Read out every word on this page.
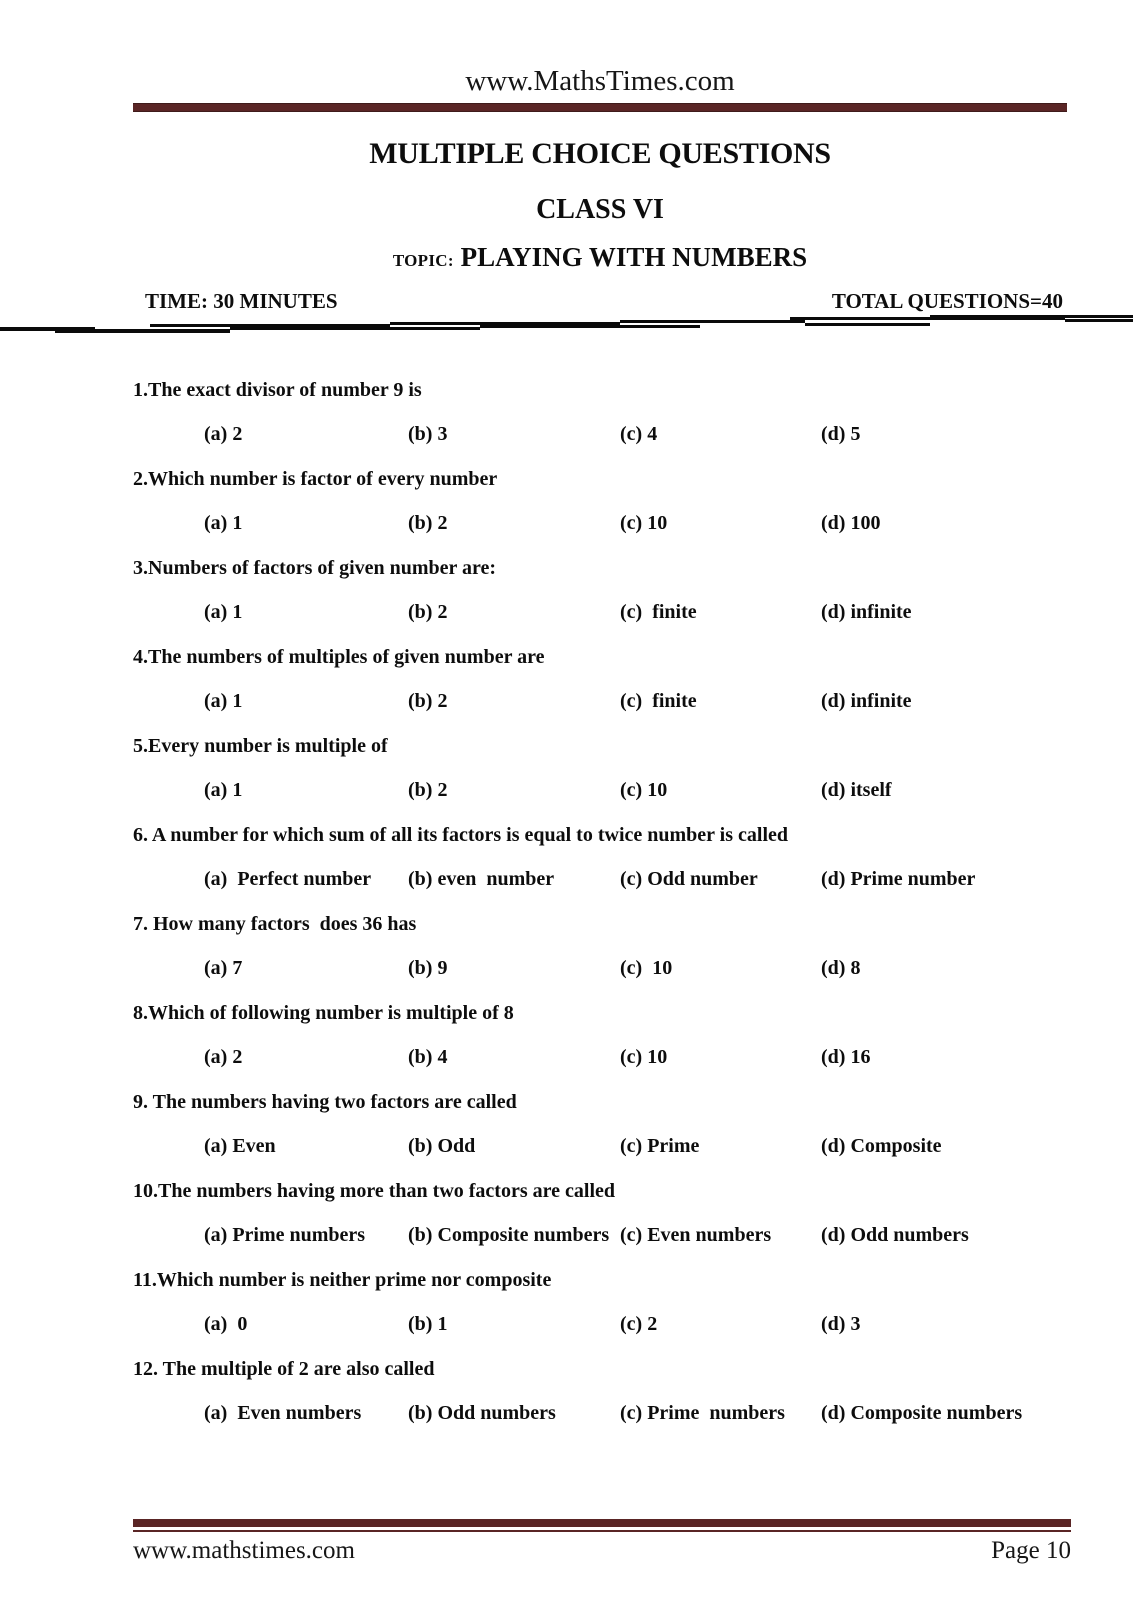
www.MathsTimes.com
MULTIPLE CHOICE QUESTIONS
CLASS VI
TOPIC: PLAYING WITH NUMBERS
TIME: 30 MINUTES	TOTAL QUESTIONS=40
1.The exact divisor of number 9 is
(a) 2	(b) 3	(c) 4	(d) 5
2.Which number is factor of every number
(a) 1	(b) 2	(c) 10	(d) 100
3.Numbers of factors of given number are:
(a) 1	(b) 2	(c)  finite	(d) infinite
4.The numbers of multiples of given number are
(a) 1	(b) 2	(c)  finite	(d) infinite
5.Every number is multiple of
(a) 1	(b) 2	(c) 10	(d) itself
6. A number for which sum of all its factors is equal to twice number is called
(a)  Perfect number	(b) even  number	(c) Odd number	(d) Prime number
7. How many factors  does 36 has
(a) 7	(b) 9	(c)  10	(d) 8
8.Which of following number is multiple of 8
(a) 2	(b) 4	(c) 10	(d) 16
9. The numbers having two factors are called
(a) Even	(b) Odd	(c) Prime	(d) Composite
10.The numbers having more than two factors are called
(a) Prime numbers	(b) Composite numbers (c) Even numbers	(d) Odd numbers
11.Which number is neither prime nor composite
(a)  0	(b) 1	(c) 2	(d) 3
12. The multiple of 2 are also called
(a)  Even numbers	(b) Odd numbers	(c) Prime  numbers	(d) Composite numbers
www.mathstimes.com	Page 10
